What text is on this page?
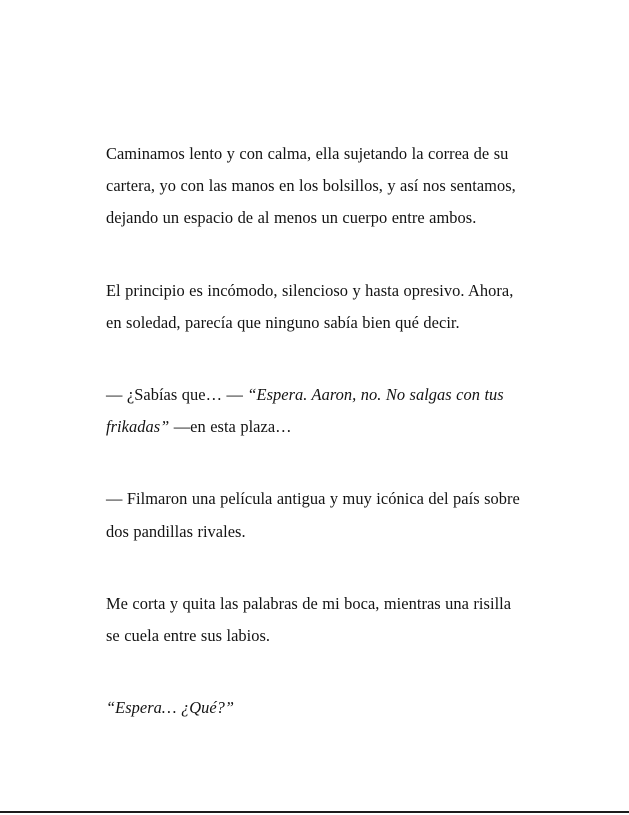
Caminamos lento y con calma, ella sujetando la correa de su cartera, yo con las manos en los bolsillos, y así nos sentamos, dejando un espacio de al menos un cuerpo entre ambos.

El principio es incómodo, silencioso y hasta opresivo. Ahora, en soledad, parecía que ninguno sabía bien qué decir.

— ¿Sabías que… — “Espera. Aaron, no. No salgas con tus frikadas” —en esta plaza…

— Filmaron una película antigua y muy icónica del país sobre dos pandillas rivales.

Me corta y quita las palabras de mi boca, mientras una risilla se cuela entre sus labios.

“Espera… ¿Qué?”
